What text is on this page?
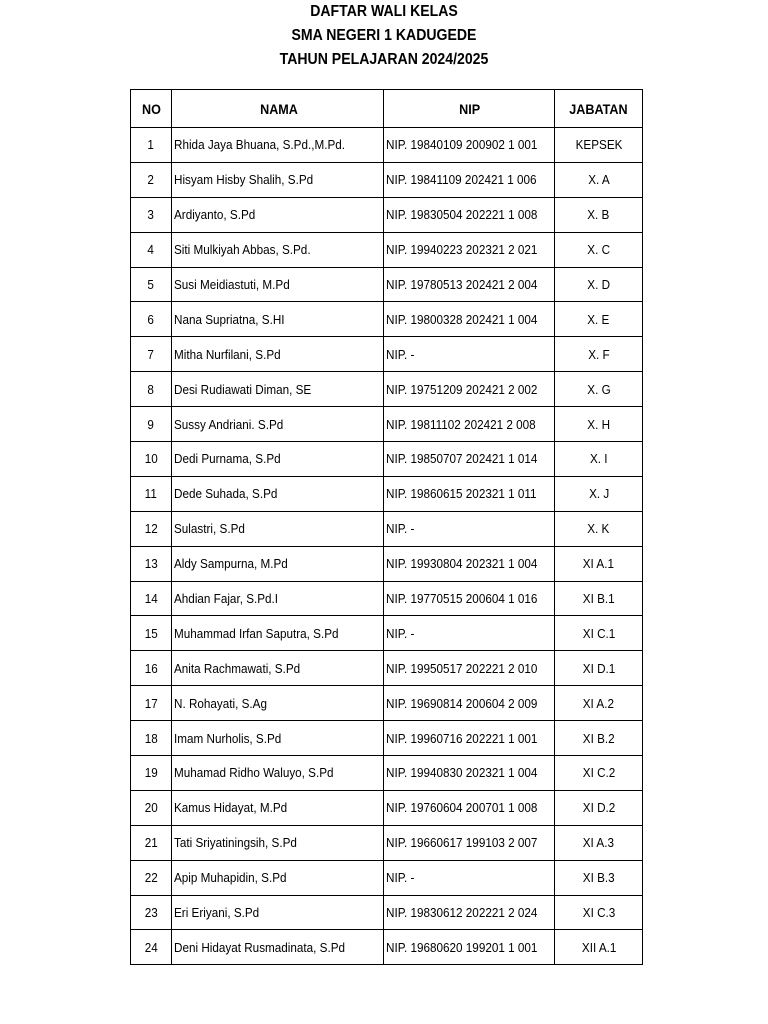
DAFTAR WALI KELAS
SMA NEGERI 1 KADUGEDE
TAHUN PELAJARAN 2024/2025
NO	NAMA	NIP	JABATAN
1	Rhida Jaya Bhuana, S.Pd.,M.Pd.	NIP. 19840109 200902 1 001	KEPSEK
2	Hisyam Hisby Shalih, S.Pd	NIP. 19841109 202421 1 006	X. A
3	Ardiyanto, S.Pd	NIP. 19830504 202221 1 008	X. B
4	Siti Mulkiyah Abbas, S.Pd.	NIP. 19940223 202321 2 021	X. C
5	Susi Meidiastuti, M.Pd	NIP. 19780513 202421 2 004	X. D
6	Nana Supriatna, S.HI	NIP. 19800328 202421 1 004	X. E
7	Mitha Nurfilani, S.Pd	NIP. -	X. F
8	Desi Rudiawati Diman, SE	NIP. 19751209 202421 2 002	X. G
9	Sussy Andriani. S.Pd	NIP. 19811102 202421 2 008	X. H
10	Dedi Purnama, S.Pd	NIP. 19850707 202421 1 014	X. I
11	Dede Suhada, S.Pd	NIP. 19860615 202321 1 011	X. J
12	Sulastri, S.Pd	NIP. -	X. K
13	Aldy Sampurna, M.Pd	NIP. 19930804 202321 1 004	XI A.1
14	Ahdian Fajar, S.Pd.I	NIP. 19770515 200604 1 016	XI B.1
15	Muhammad Irfan Saputra, S.Pd	NIP. -	XI C.1
16	Anita Rachmawati, S.Pd	NIP. 19950517 202221 2 010	XI D.1
17	N. Rohayati, S.Ag	NIP. 19690814 200604 2 009	XI A.2
18	Imam Nurholis, S.Pd	NIP. 19960716 202221 1 001	XI B.2
19	Muhamad Ridho Waluyo, S.Pd	NIP. 19940830 202321 1 004	XI C.2
20	Kamus Hidayat, M.Pd	NIP. 19760604 200701 1 008	XI D.2
21	Tati Sriyatiningsih, S.Pd	NIP. 19660617 199103 2 007	XI A.3
22	Apip Muhapidin, S.Pd	NIP. -	XI B.3
23	Eri Eriyani, S.Pd	NIP. 19830612 202221 2 024	XI C.3
24	Deni Hidayat Rusmadinata, S.Pd	NIP. 19680620 199201 1 001	XII A.1
